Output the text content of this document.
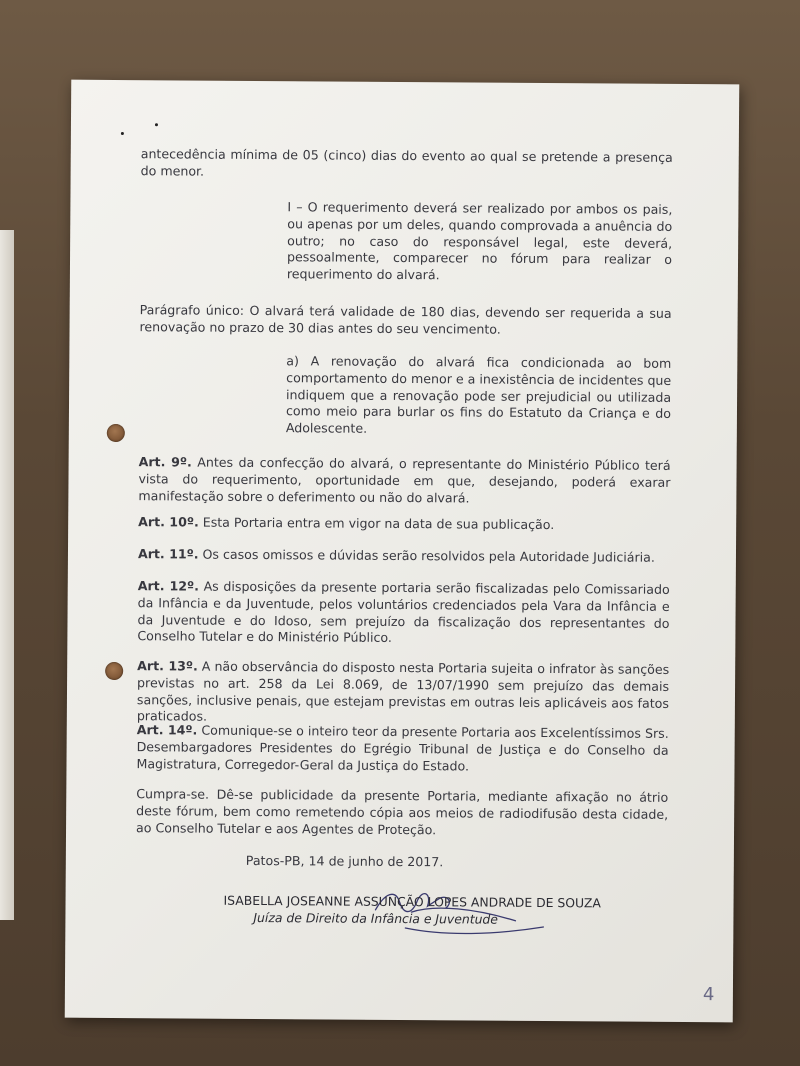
antecedência mínima de 05 (cinco) dias do evento ao qual se pretende a presença do menor.
I – O requerimento deverá ser realizado por ambos os pais, ou apenas por um deles, quando comprovada a anuência do outro; no caso do responsável legal, este deverá, pessoalmente, comparecer no fórum para realizar o requerimento do alvará.
Parágrafo único: O alvará terá validade de 180 dias, devendo ser requerida a sua renovação no prazo de 30 dias antes do seu vencimento.
a) A renovação do alvará fica condicionada ao bom comportamento do menor e a inexistência de incidentes que indiquem que a renovação pode ser prejudicial ou utilizada como meio para burlar os fins do Estatuto da Criança e do Adolescente.
Art. 9º. Antes da confecção do alvará, o representante do Ministério Público terá vista do requerimento, oportunidade em que, desejando, poderá exarar manifestação sobre o deferimento ou não do alvará.
Art. 10º. Esta Portaria entra em vigor na data de sua publicação.
Art. 11º. Os casos omissos e dúvidas serão resolvidos pela Autoridade Judiciária.
Art. 12º. As disposições da presente portaria serão fiscalizadas pelo Comissariado da Infância e da Juventude, pelos voluntários credenciados pela Vara da Infância e da Juventude e do Idoso, sem prejuízo da fiscalização dos representantes do Conselho Tutelar e do Ministério Público.
Art. 13º. A não observância do disposto nesta Portaria sujeita o infrator às sanções previstas no art. 258 da Lei 8.069, de 13/07/1990 sem prejuízo das demais sanções, inclusive penais, que estejam previstas em outras leis aplicáveis aos fatos praticados.
Art. 14º. Comunique-se o inteiro teor da presente Portaria aos Excelentíssimos Srs. Desembargadores Presidentes do Egrégio Tribunal de Justiça e do Conselho da Magistratura, Corregedor-Geral da Justiça do Estado.
Cumpra-se. Dê-se publicidade da presente Portaria, mediante afixação no átrio deste fórum, bem como remetendo cópia aos meios de radiodifusão desta cidade, ao Conselho Tutelar e aos Agentes de Proteção.
Patos-PB, 14 de junho de 2017.
ISABELLA JOSEANNE ASSUNÇÃO LOPES ANDRADE DE SOUZA
Juíza de Direito da Infância e Juventude
4
